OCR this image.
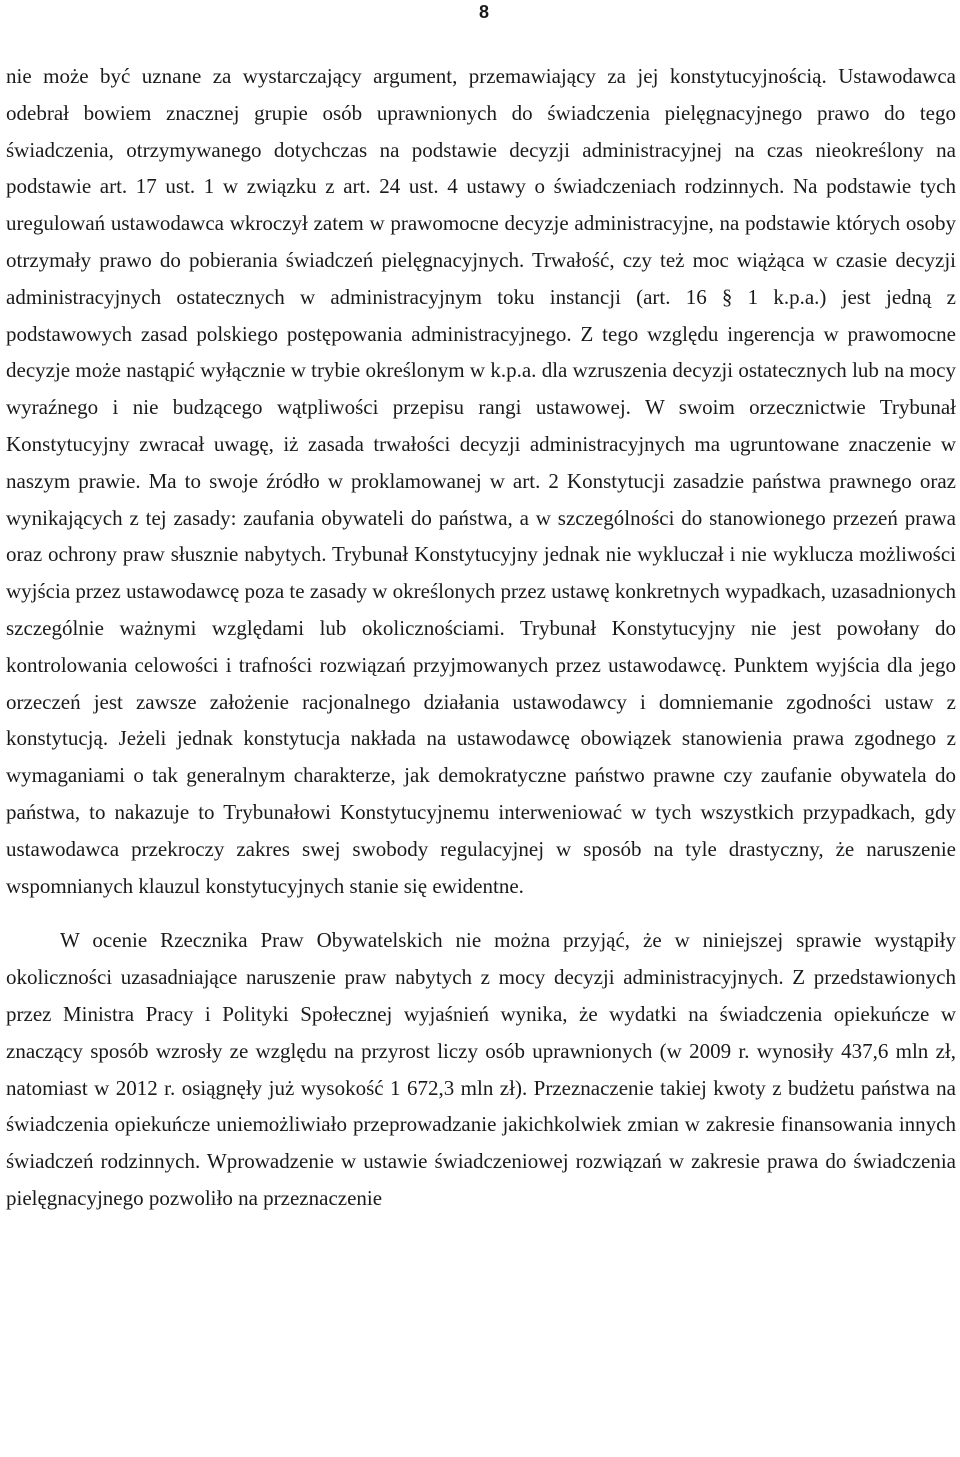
8

nie może być uznane za wystarczający argument, przemawiający za jej konstytucyjnością. Ustawodawca odebrał bowiem znacznej grupie osób uprawnionych do świadczenia pielęgnacyjnego prawo do tego świadczenia, otrzymywanego dotychczas na podstawie decyzji administracyjnej na czas nieokreślony na podstawie art. 17 ust. 1 w związku z art. 24 ust. 4 ustawy o świadczeniach rodzinnych. Na podstawie tych uregulowań ustawodawca wkroczył zatem w prawomocne decyzje administracyjne, na podstawie których osoby otrzymały prawo do pobierania świadczeń pielęgnacyjnych. Trwałość, czy też moc wiążąca w czasie decyzji administracyjnych ostatecznych w administracyjnym toku instancji (art. 16 § 1 k.p.a.) jest jedną z podstawowych zasad polskiego postępowania administracyjnego. Z tego względu ingerencja w prawomocne decyzje może nastąpić wyłącznie w trybie określonym w k.p.a. dla wzruszenia decyzji ostatecznych lub na mocy wyraźnego i nie budzącego wątpliwości przepisu rangi ustawowej. W swoim orzecznictwie Trybunał Konstytucyjny zwracał uwagę, iż zasada trwałości decyzji administracyjnych ma ugruntowane znaczenie w naszym prawie. Ma to swoje źródło w proklamowanej w art. 2 Konstytucji zasadzie państwa prawnego oraz wynikających z tej zasady: zaufania obywateli do państwa, a w szczególności do stanowionego przezeń prawa oraz ochrony praw słusznie nabytych. Trybunał Konstytucyjny jednak nie wykluczał i nie wyklucza możliwości wyjścia przez ustawodawcę poza te zasady w określonych przez ustawę konkretnych wypadkach, uzasadnionych szczególnie ważnymi względami lub okolicznościami. Trybunał Konstytucyjny nie jest powołany do kontrolowania celowości i trafności rozwiązań przyjmowanych przez ustawodawcę. Punktem wyjścia dla jego orzeczeń jest zawsze założenie racjonalnego działania ustawodawcy i domniemanie zgodności ustaw z konstytucją. Jeżeli jednak konstytucja nakłada na ustawodawcę obowiązek stanowienia prawa zgodnego z wymaganiami o tak generalnym charakterze, jak demokratyczne państwo prawne czy zaufanie obywatela do państwa, to nakazuje to Trybunałowi Konstytucyjnemu interweniować w tych wszystkich przypadkach, gdy ustawodawca przekroczy zakres swej swobody regulacyjnej w sposób na tyle drastyczny, że naruszenie wspomnianych klauzul konstytucyjnych stanie się ewidentne.

W ocenie Rzecznika Praw Obywatelskich nie można przyjąć, że w niniejszej sprawie wystąpiły okoliczności uzasadniające naruszenie praw nabytych z mocy decyzji administracyjnych. Z przedstawionych przez Ministra Pracy i Polityki Społecznej wyjaśnień wynika, że wydatki na świadczenia opiekuńcze w znaczący sposób wzrosły ze względu na przyrost liczy osób uprawnionych (w 2009 r. wynosiły 437,6 mln zł, natomiast w 2012 r. osiągnęły już wysokość 1 672,3 mln zł). Przeznaczenie takiej kwoty z budżetu państwa na świadczenia opiekuńcze uniemożliwiało przeprowadzanie jakichkolwiek zmian w zakresie finansowania innych świadczeń rodzinnych. Wprowadzenie w ustawie świadczeniowej rozwiązań w zakresie prawa do świadczenia pielęgnacyjnego pozwoliło na przeznaczenie
